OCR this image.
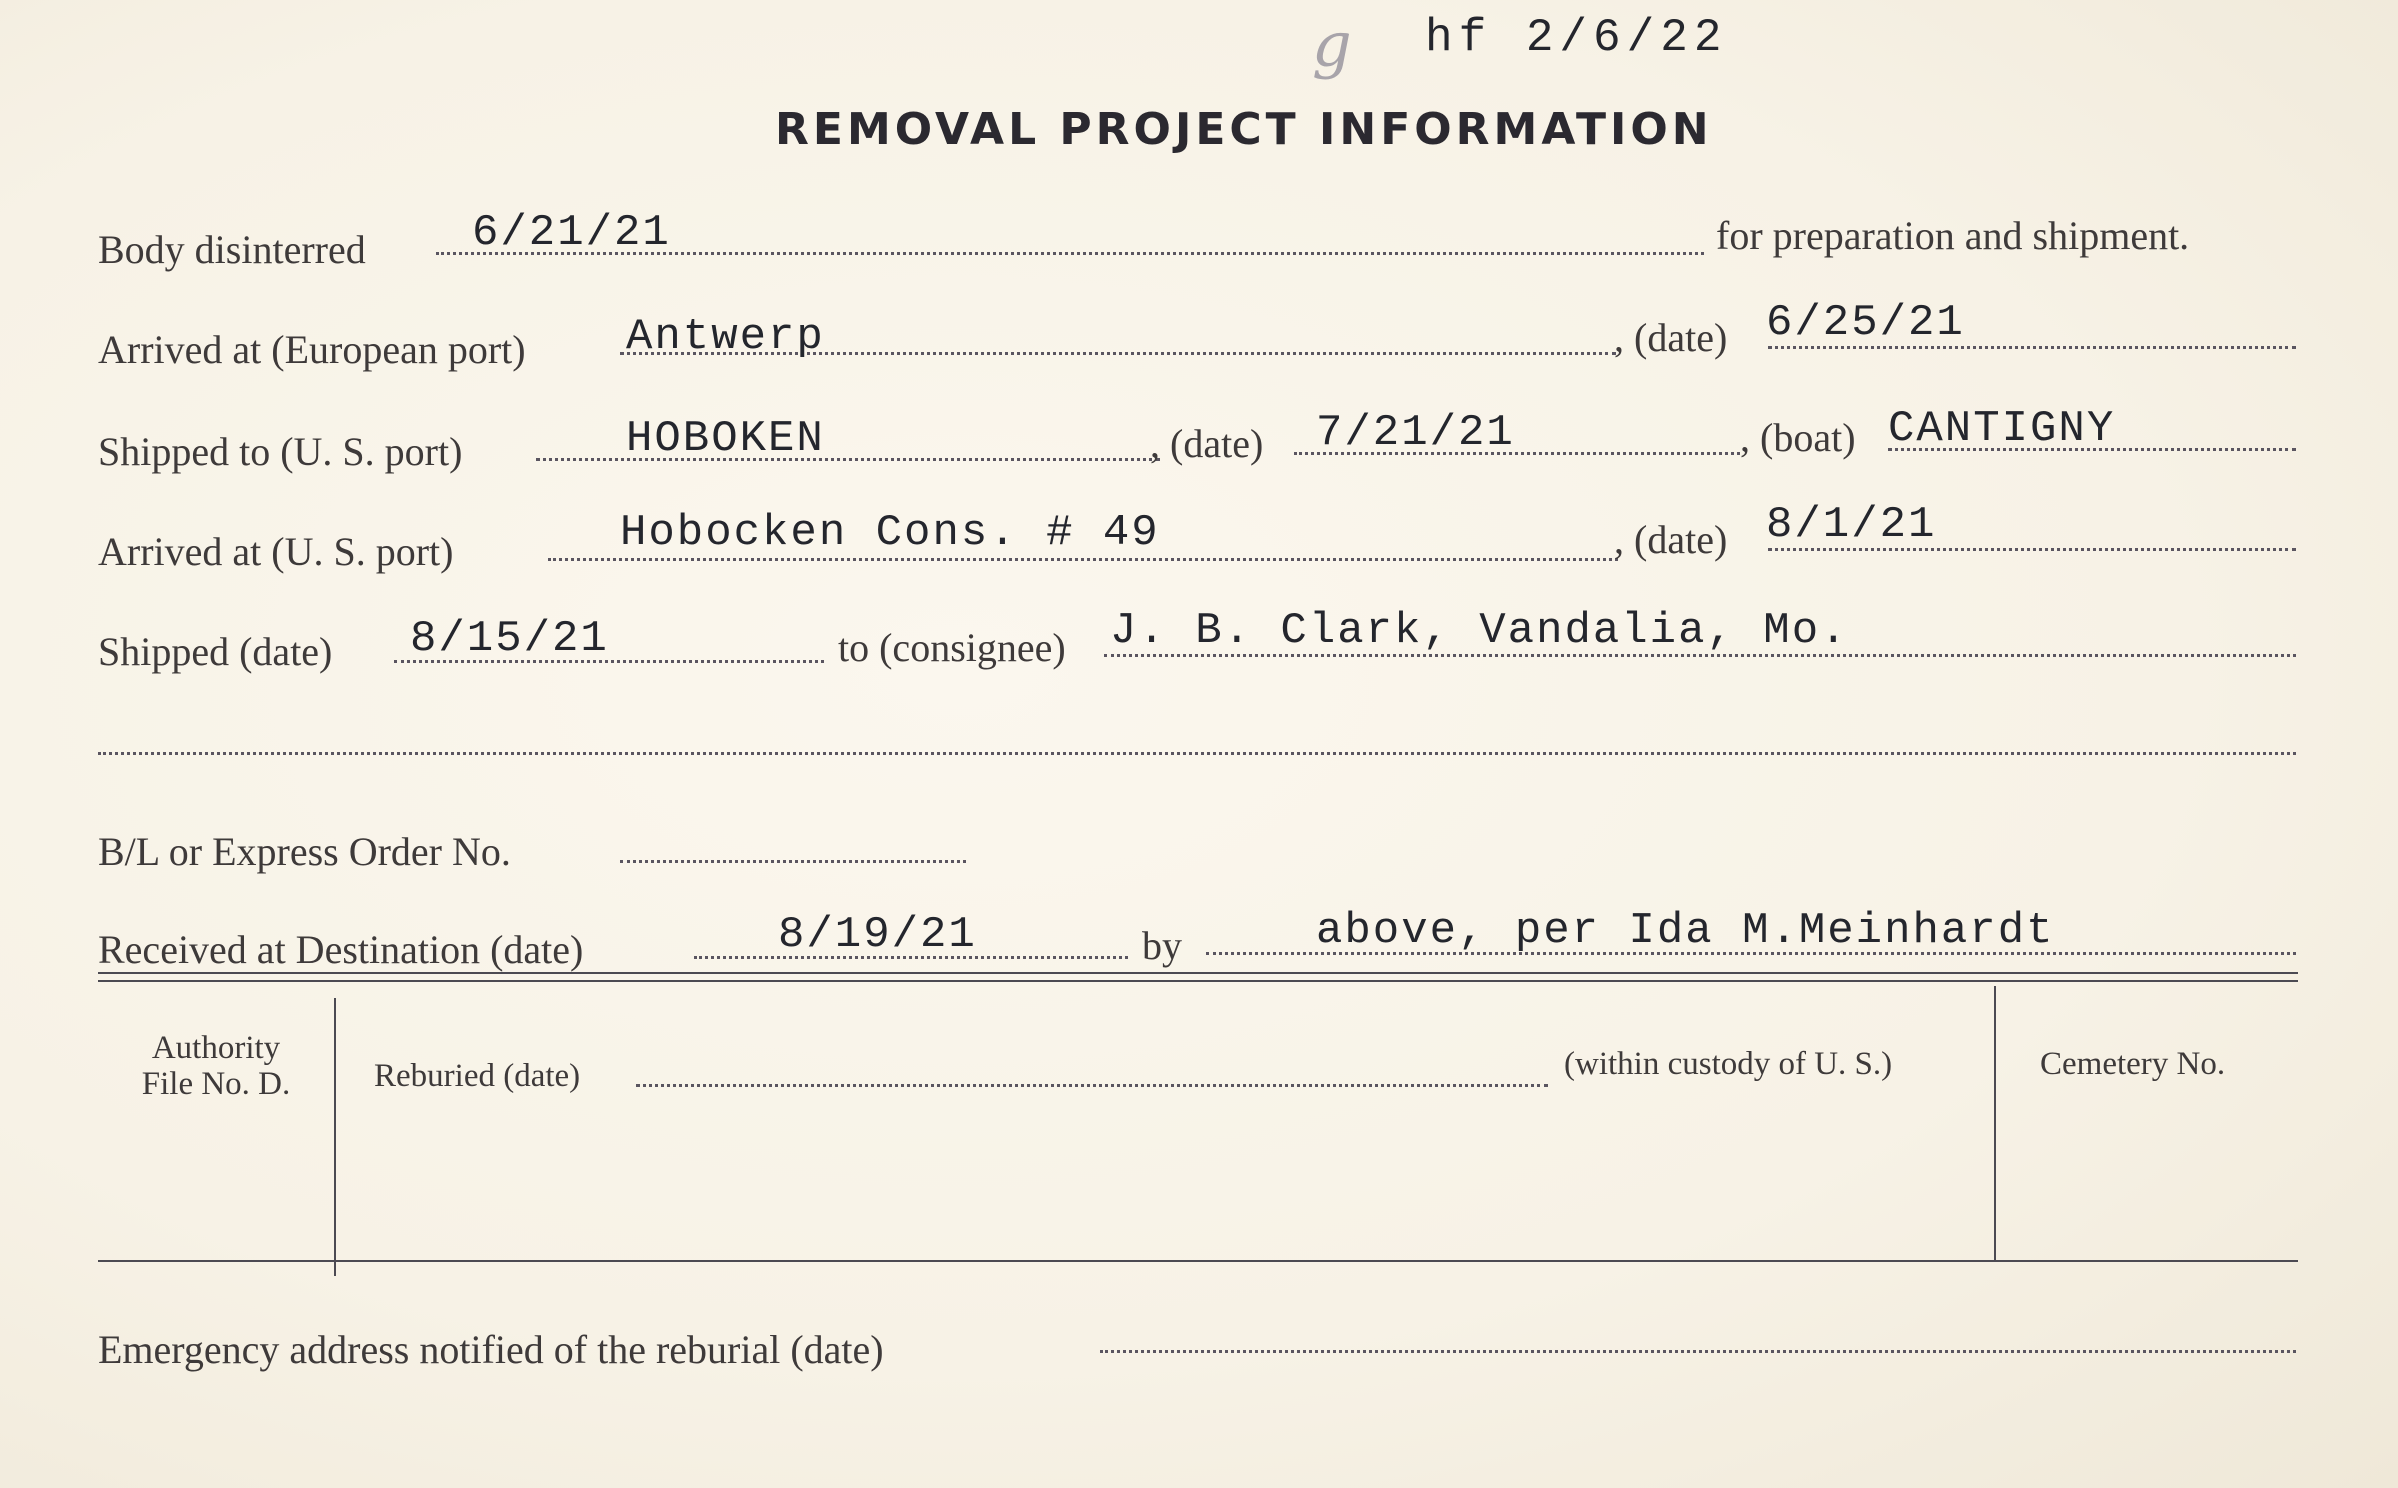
g hf 2/6/22
REMOVAL PROJECT INFORMATION
Body disinterred 6/21/21	for preparation and shipment.
Arrived at (European port) Antwerp	, (date) 6/25/21
Shipped to (U. S. port)	HOBOKEN	, (date) 7/21/21	, (boat) CANTIGNY
Arrived at (U. S. port)	Hobocken Cons. # 49	, (date) 8/1/21
Shipped (date) 8/15/21	to (consignee) J. B. Clark, Vandalia, Mo.
B/L or Express Order No.
Received at Destination (date)	8/19/21	by	above, per Ida M.Meinhardt
Authority
File No. D.	Reburied (date)	(within custody of U. S.)	Cemetery No.
Emergency address notified of the reburial (date)
